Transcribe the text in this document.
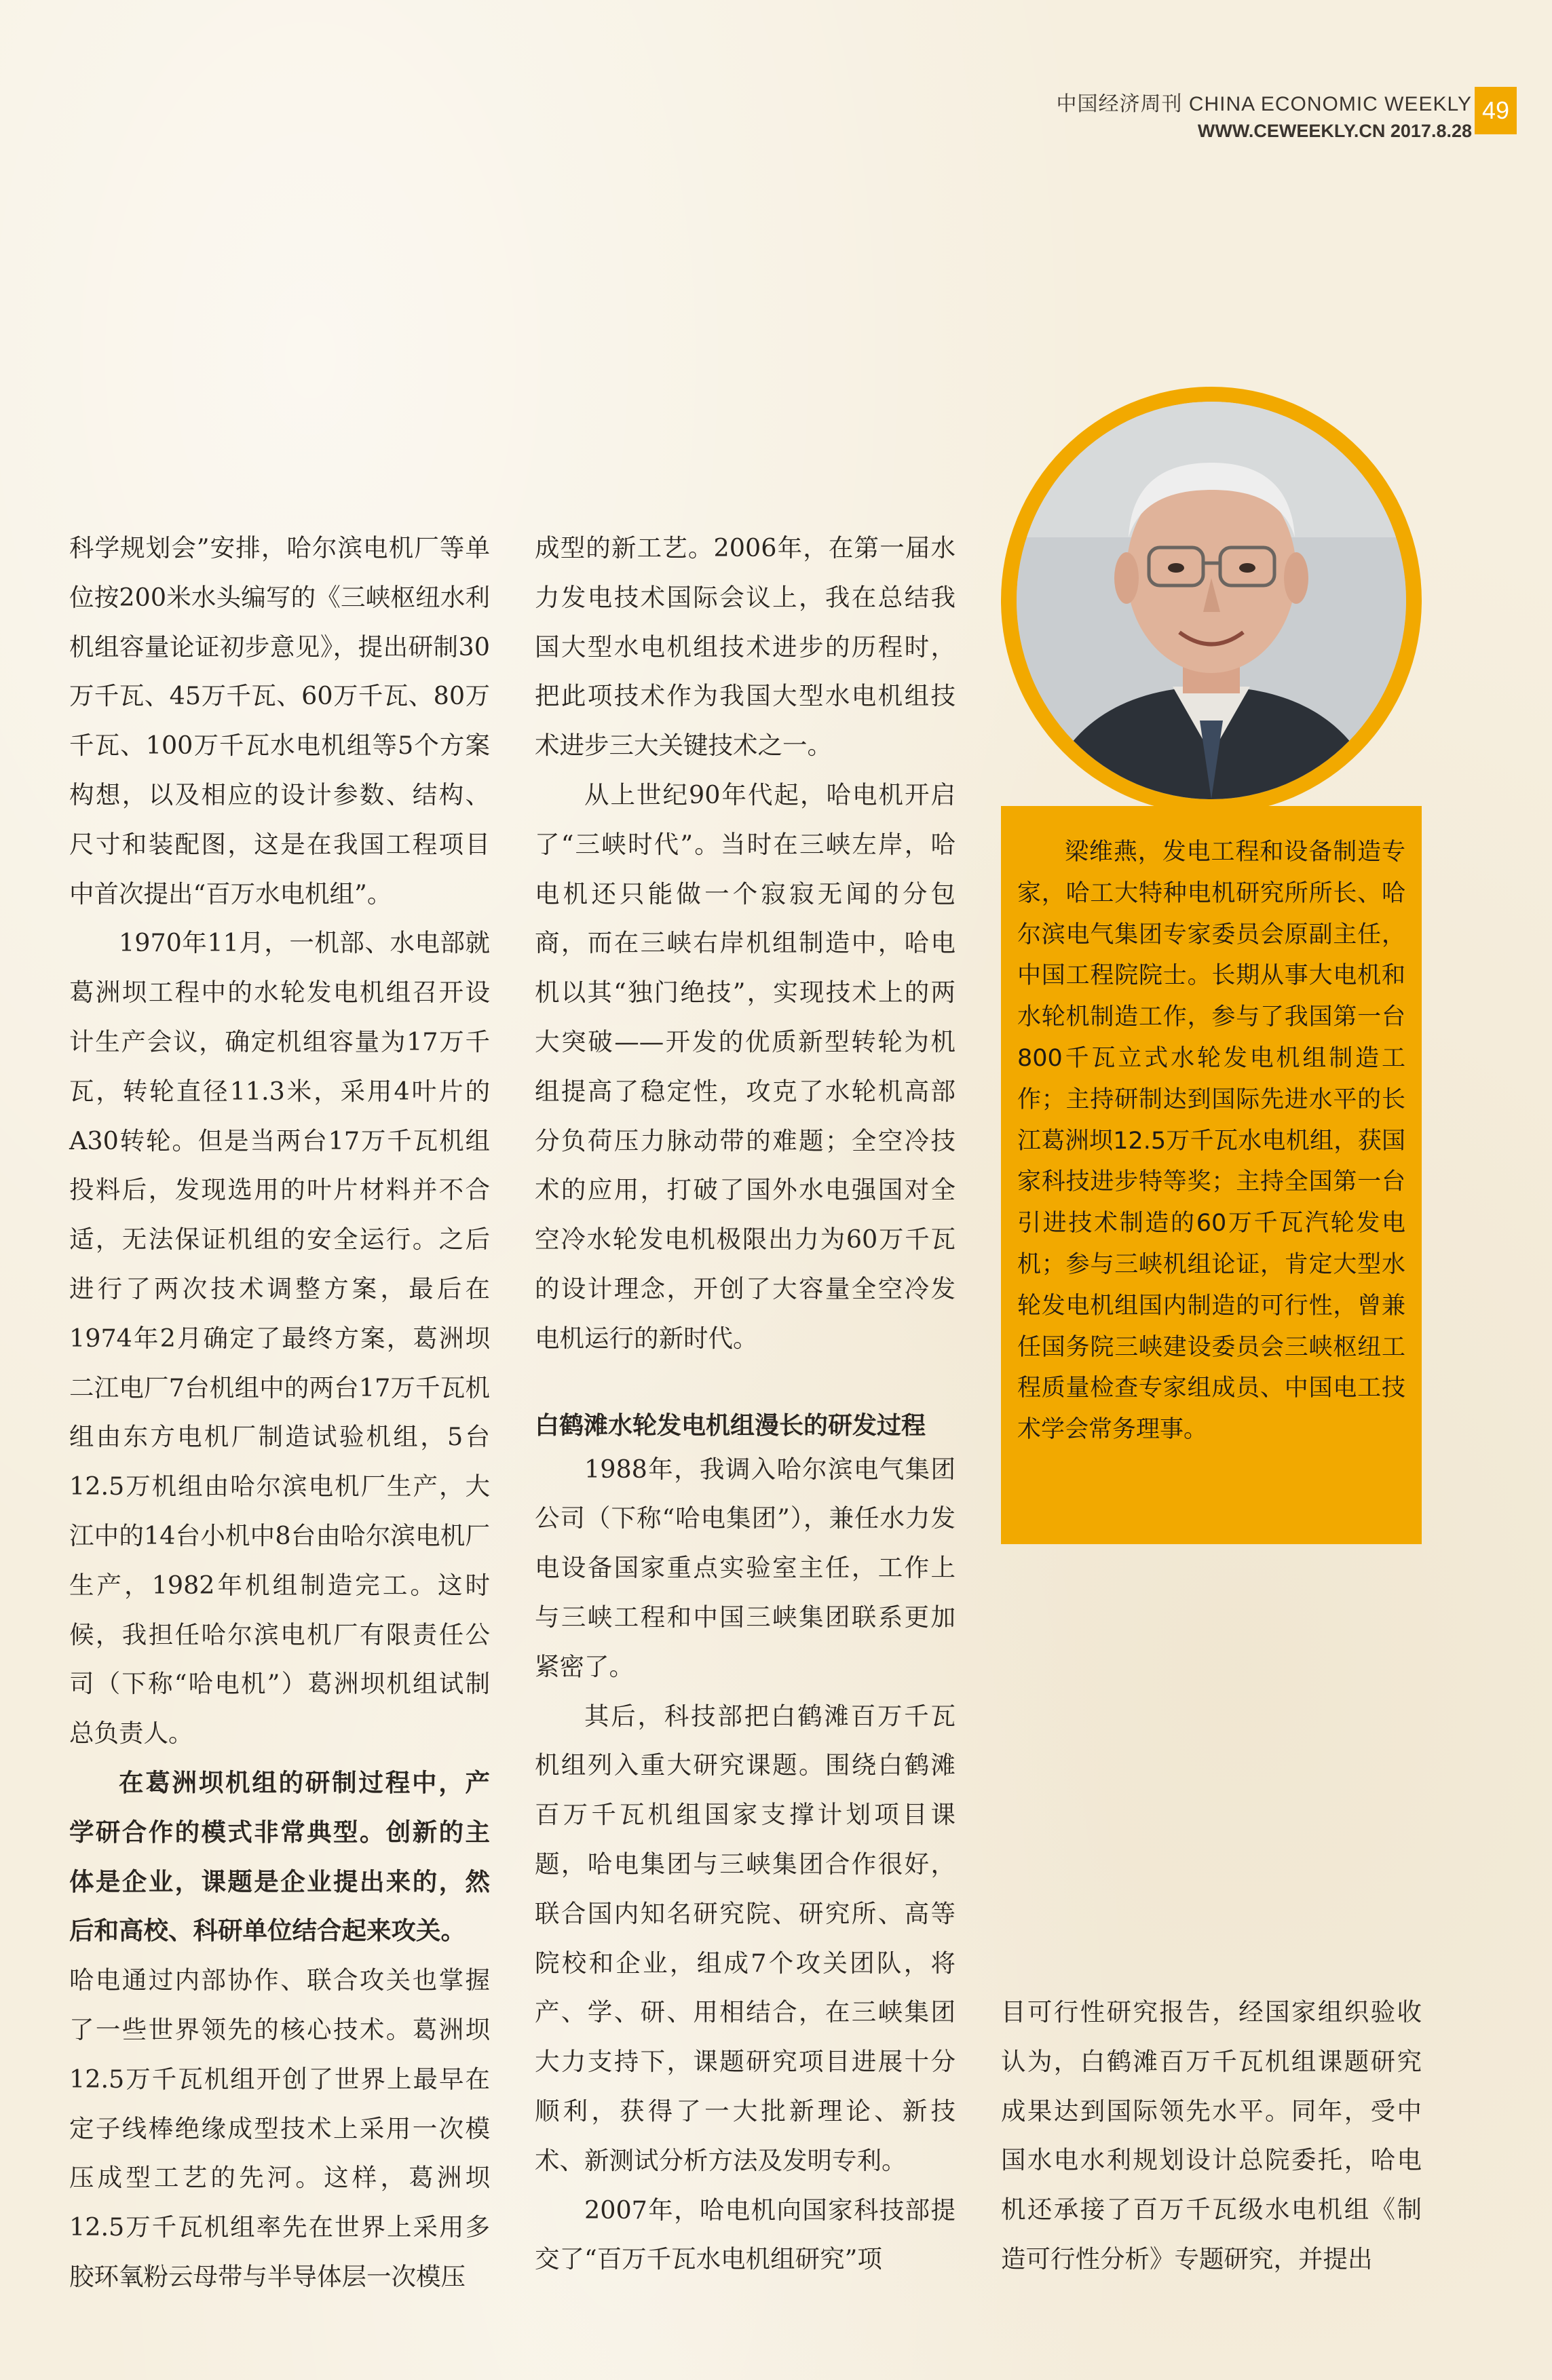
中国经济周刊 CHINA ECONOMIC WEEKLY
WWW.CEWEEKLY.CN 2017.8.28
49

科学规划会”安排，哈尔滨电机厂等单位按200米水头编写的《三峡枢纽水利机组容量论证初步意见》，提出研制30万千瓦、45万千瓦、60万千瓦、80万千瓦、100万千瓦水电机组等5个方案构想，以及相应的设计参数、结构、尺寸和装配图，这是在我国工程项目中首次提出“百万水电机组”。

1970年11月，一机部、水电部就葛洲坝工程中的水轮发电机组召开设计生产会议，确定机组容量为17万千瓦，转轮直径11.3米，采用4叶片的A30转轮。但是当两台17万千瓦机组投料后，发现选用的叶片材料并不合适，无法保证机组的安全运行。之后进行了两次技术调整方案，最后在1974年2月确定了最终方案，葛洲坝二江电厂7台机组中的两台17万千瓦机组由东方电机厂制造试验机组，5台12.5万机组由哈尔滨电机厂生产，大江中的14台小机中8台由哈尔滨电机厂生产，1982年机组制造完工。这时候，我担任哈尔滨电机厂有限责任公司（下称“哈电机”）葛洲坝机组试制总负责人。

在葛洲坝机组的研制过程中，产学研合作的模式非常典型。创新的主体是企业，课题是企业提出来的，然后和高校、科研单位结合起来攻关。

哈电通过内部协作、联合攻关也掌握了一些世界领先的核心技术。葛洲坝12.5万千瓦机组开创了世界上最早在定子线棒绝缘成型技术上采用一次模压成型工艺的先河。这样，葛洲坝12.5万千瓦机组率先在世界上采用多胶环氧粉云母带与半导体层一次模压

成型的新工艺。2006年，在第一届水力发电技术国际会议上，我在总结我国大型水电机组技术进步的历程时，把此项技术作为我国大型水电机组技术进步三大关键技术之一。

从上世纪90年代起，哈电机开启了“三峡时代”。当时在三峡左岸，哈电机还只能做一个寂寂无闻的分包商，而在三峡右岸机组制造中，哈电机以其“独门绝技”，实现技术上的两大突破——开发的优质新型转轮为机组提高了稳定性，攻克了水轮机高部分负荷压力脉动带的难题；全空冷技术的应用，打破了国外水电强国对全空冷水轮发电机极限出力为60万千瓦的设计理念，开创了大容量全空冷发电机运行的新时代。

白鹤滩水轮发电机组漫长的研发过程

1988年，我调入哈尔滨电气集团公司（下称“哈电集团”），兼任水力发电设备国家重点实验室主任，工作上与三峡工程和中国三峡集团联系更加紧密了。

其后，科技部把白鹤滩百万千瓦机组列入重大研究课题。围绕白鹤滩百万千瓦机组国家支撑计划项目课题，哈电集团与三峡集团合作很好，联合国内知名研究院、研究所、高等院校和企业，组成7个攻关团队，将产、学、研、用相结合，在三峡集团大力支持下，课题研究项目进展十分顺利，获得了一大批新理论、新技术、新测试分析方法及发明专利。

2007年，哈电机向国家科技部提交了“百万千瓦水电机组研究”项

梁维燕，发电工程和设备制造专家，哈工大特种电机研究所所长、哈尔滨电气集团专家委员会原副主任，中国工程院院士。长期从事大电机和水轮机制造工作，参与了我国第一台800千瓦立式水轮发电机组制造工作；主持研制达到国际先进水平的长江葛洲坝12.5万千瓦水电机组，获国家科技进步特等奖；主持全国第一台引进技术制造的60万千瓦汽轮发电机；参与三峡机组论证，肯定大型水轮发电机组国内制造的可行性，曾兼任国务院三峡建设委员会三峡枢纽工程质量检查专家组成员、中国电工技术学会常务理事。

目可行性研究报告，经国家组织验收认为，白鹤滩百万千瓦机组课题研究成果达到国际领先水平。同年，受中国水电水利规划设计总院委托，哈电机还承接了百万千瓦级水电机组《制造可行性分析》专题研究，并提出
